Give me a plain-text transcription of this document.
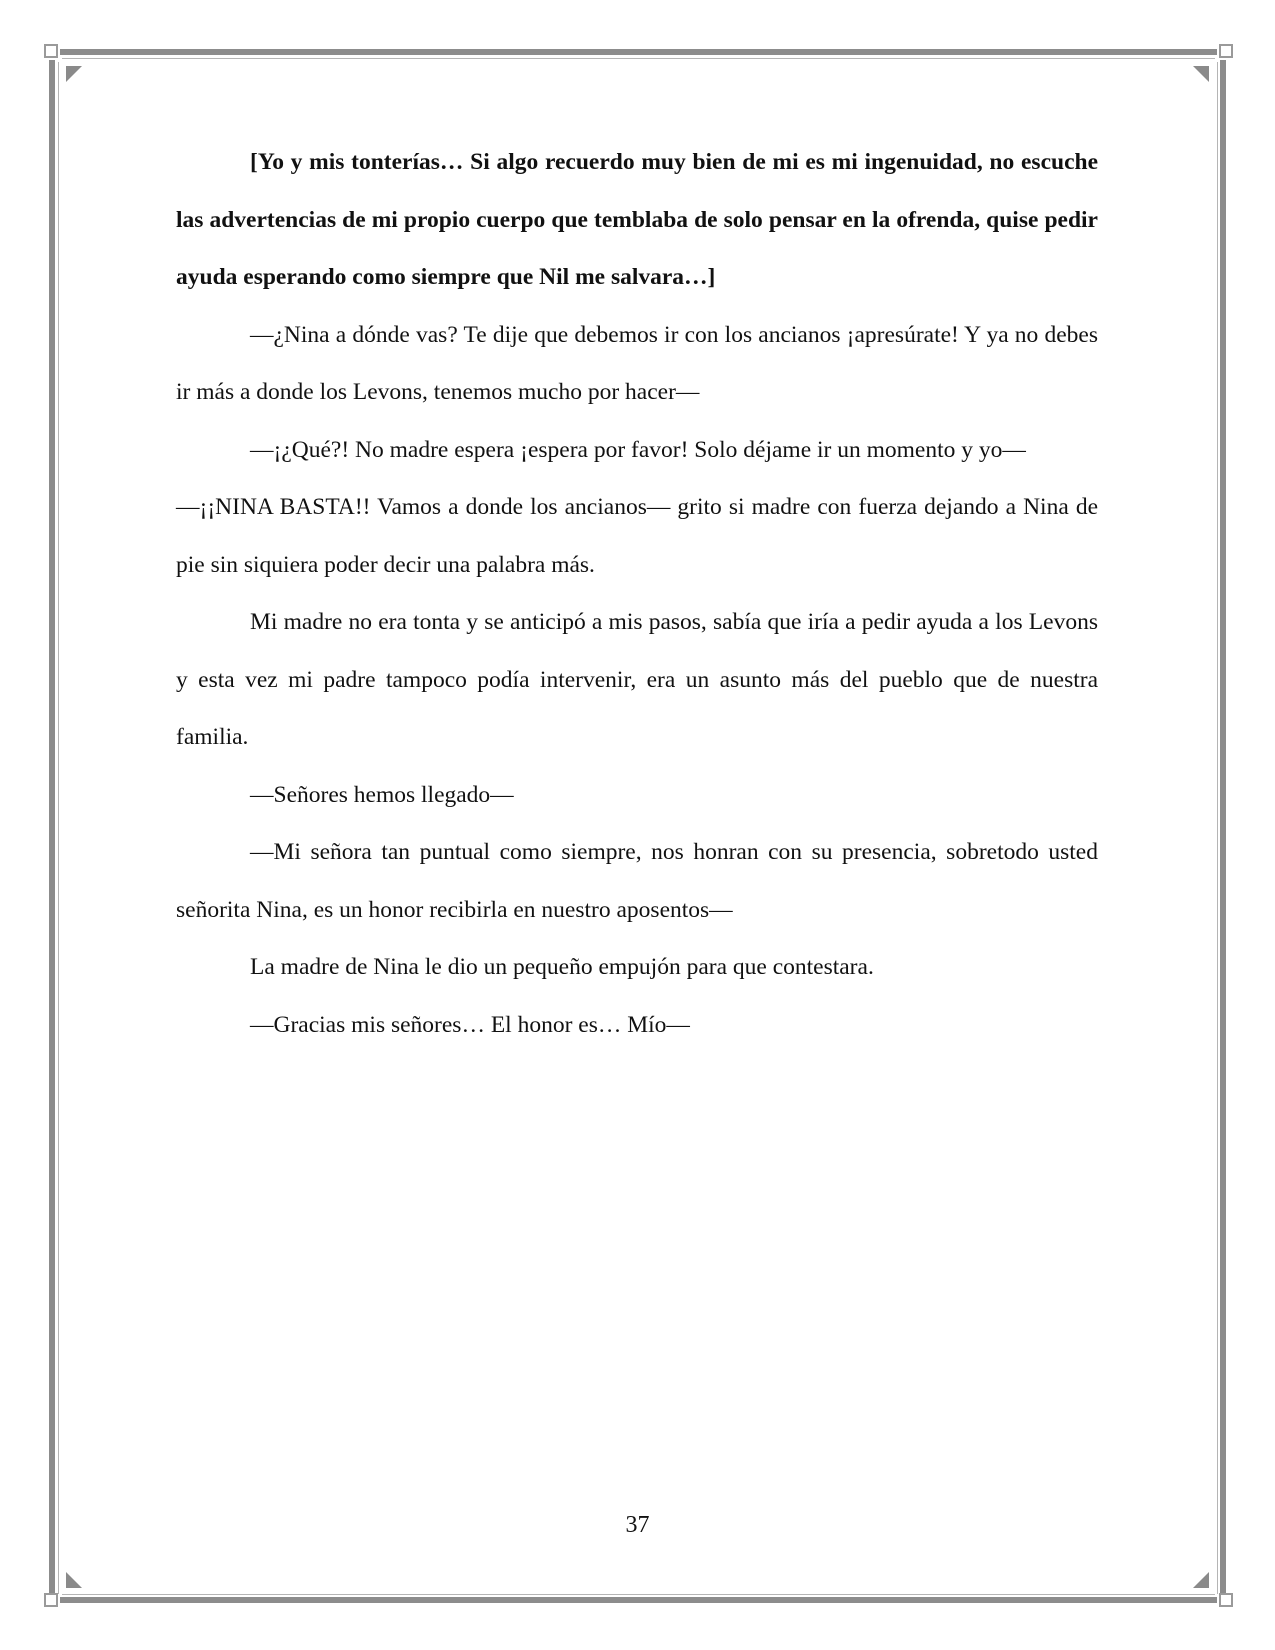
[Yo y mis tonterías… Si algo recuerdo muy bien de mi es mi ingenuidad, no escuche las advertencias de mi propio cuerpo que temblaba de solo pensar en la ofrenda, quise pedir ayuda esperando como siempre que Nil me salvara…]

—¿Nina a dónde vas? Te dije que debemos ir con los ancianos ¡apresúrate! Y ya no debes ir más a donde los Levons, tenemos mucho por hacer—

—¡¿Qué?! No madre espera ¡espera por favor! Solo déjame ir un momento y yo—

—¡¡NINA BASTA!! Vamos a donde los ancianos— grito si madre con fuerza dejando a Nina de pie sin siquiera poder decir una palabra más.

Mi madre no era tonta y se anticipó a mis pasos, sabía que iría a pedir ayuda a los Levons y esta vez mi padre tampoco podía intervenir, era un asunto más del pueblo que de nuestra familia.

—Señores hemos llegado—

—Mi señora tan puntual como siempre, nos honran con su presencia, sobretodo usted señorita Nina, es un honor recibirla en nuestro aposentos—

La madre de Nina le dio un pequeño empujón para que contestara.

—Gracias mis señores… El honor es… Mío—

37
